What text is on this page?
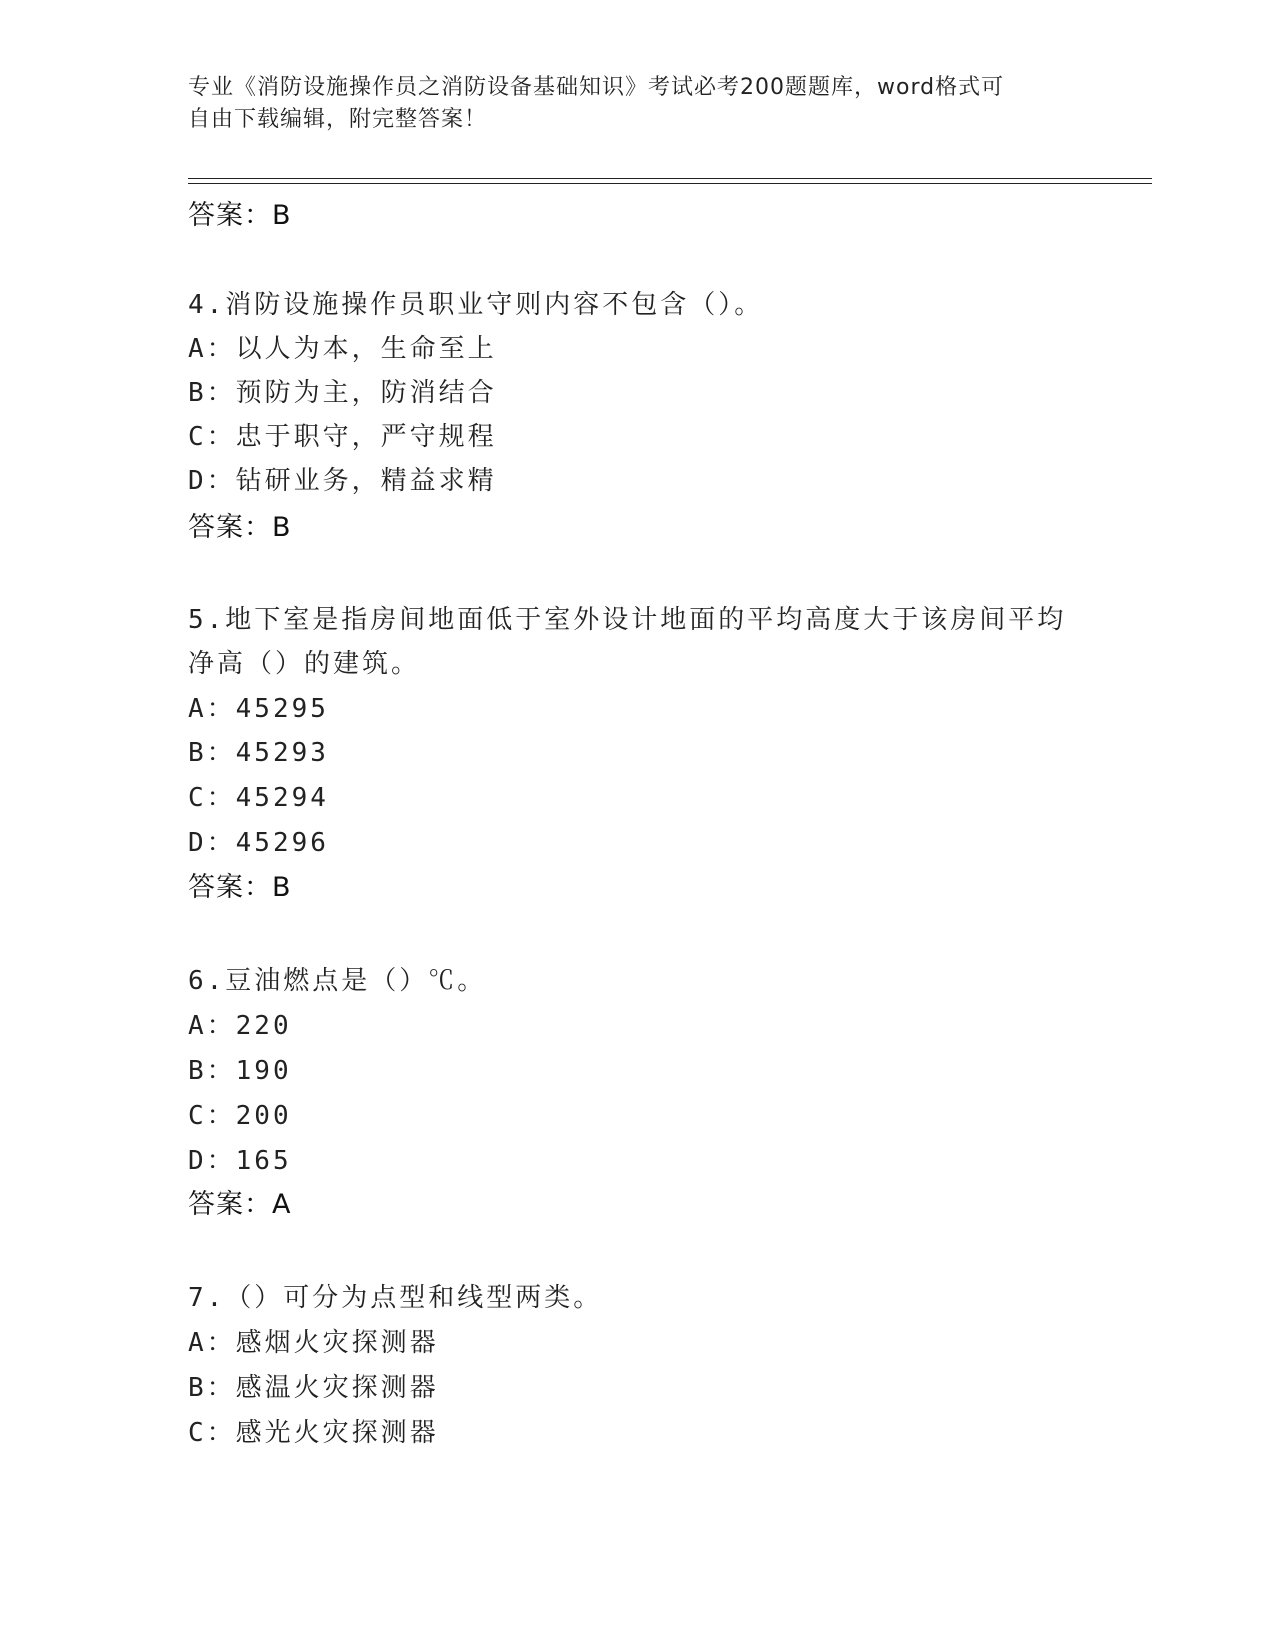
专业《消防设施操作员之消防设备基础知识》考试必考200题题库，word格式可
自由下载编辑，附完整答案！
答案：B
4.消防设施操作员职业守则内容不包含（）。
A：以人为本，生命至上
B：预防为主，防消结合
C：忠于职守，严守规程
D：钻研业务，精益求精
答案：B
5.地下室是指房间地面低于室外设计地面的平均高度大于该房间平均
净高（）的建筑。
A：45295
B：45293
C：45294
D：45296
答案：B
6.豆油燃点是（）℃。
A：220
B：190
C：200
D：165
答案：A
7.（）可分为点型和线型两类。
A：感烟火灾探测器
B：感温火灾探测器
C：感光火灾探测器
